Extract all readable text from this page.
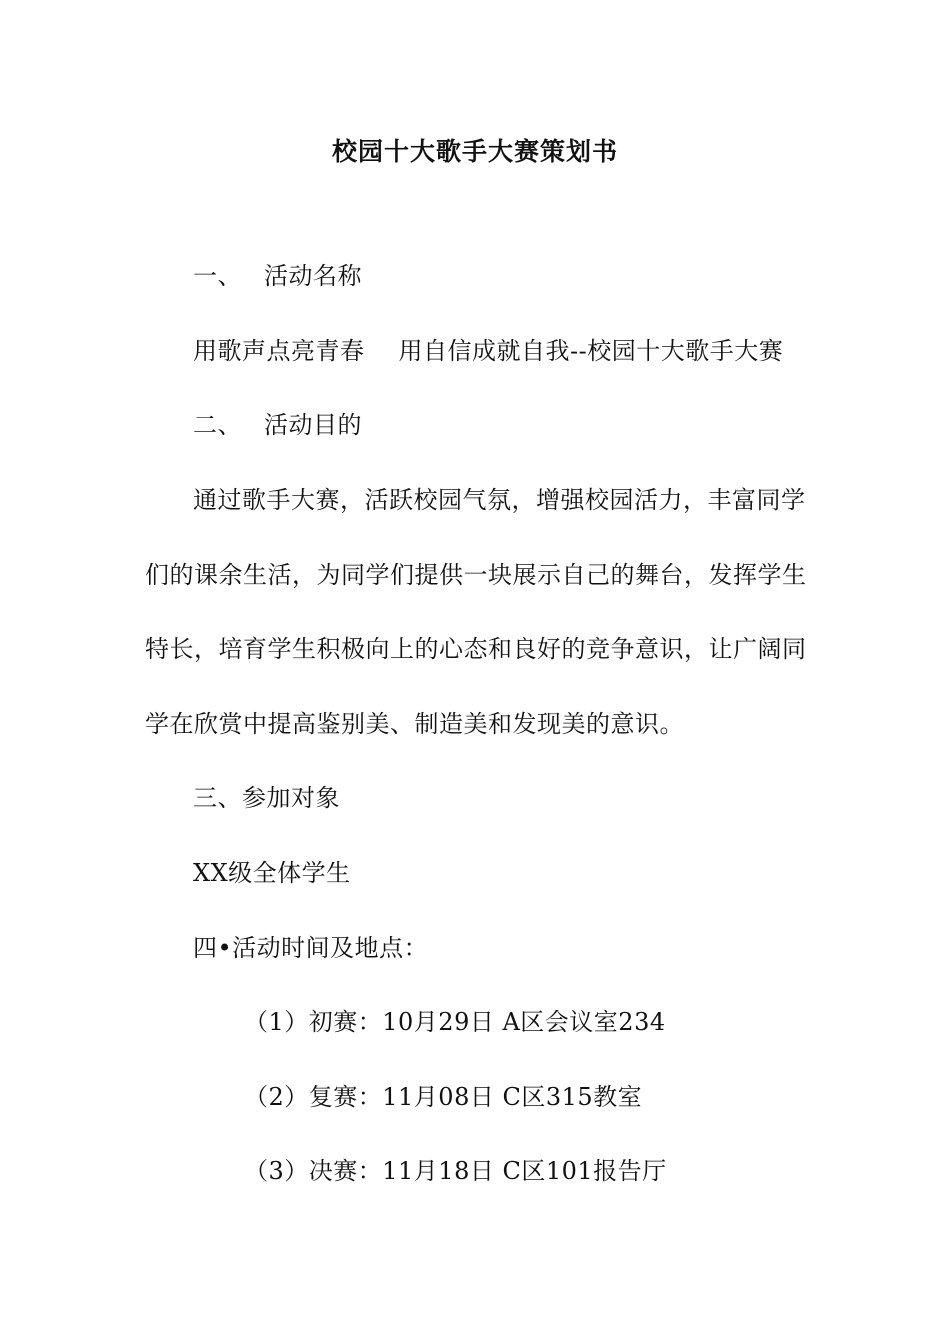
校园十大歌手大赛策划书
一、 活动名称
用歌声点亮青春 用自信成就自我--校园十大歌手大赛
二、 活动目的
通过歌手大赛，活跃校园气氛，增强校园活力，丰富同学
们的课余生活，为同学们提供一块展示自己的舞台，发挥学生
特长，培育学生积极向上的心态和良好的竞争意识，让广阔同
学在欣赏中提高鉴别美、制造美和发现美的意识。
三、参加对象
XX级全体学生
四•活动时间及地点：
（1）初赛：10月29日 A区会议室234
（2）复赛：11月08日 C区315教室
（3）决赛：11月18日 C区101报告厅
